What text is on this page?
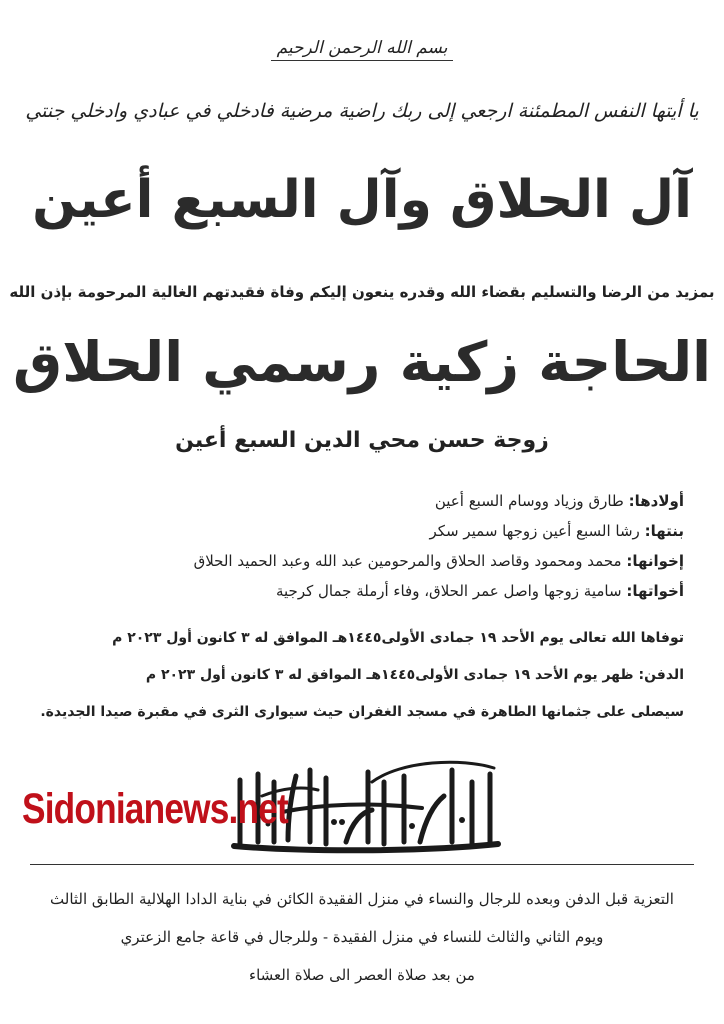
بسم الله الرحمن الرحيم
يا أيتها النفس المطمئنة ارجعي إلى ربك راضية مرضية فادخلي في عبادي وادخلي جنتي
آل الحلاق وآل السبع أعين
بمزيد من الرضا والتسليم بقضاء الله وقدره ينعون إليكم وفاة فقيدتهم الغالية المرحومة بإذن الله
الحاجة زكية رسمي الحلاق
زوجة حسن محي الدين السبع أعين
أولادها: طارق وزياد ووسام السبع أعين
بنتها: رشا السبع أعين زوجها سمير سكر
إخوانها: محمد ومحمود وقاصد الحلاق والمرحومين عبد الله وعبد الحميد الحلاق
أخواتها: سامية زوجها واصل عمر الحلاق، وفاء أرملة جمال كرجية
توفاها الله تعالى يوم الأحد ١٩ جمادى الأولى١٤٤٥هـ الموافق له ٣ كانون أول ٢٠٢٣ م
الدفن: ظهر يوم الأحد ١٩ جمادى الأولى١٤٤٥هـ الموافق له ٣ كانون أول ٢٠٢٣ م
سيصلى على جثمانها الطاهرة في مسجد الغفران حيث سيوارى الثرى في مقبرة صيدا الجديدة.
Sidonianews.net
التعزية قبل الدفن وبعده للرجال والنساء في منزل الفقيدة الكائن في بناية الدادا الهلالية الطابق الثالث
ويوم الثاني والثالث للنساء في منزل الفقيدة - وللرجال في قاعة جامع الزعتري
من بعد صلاة العصر الى صلاة العشاء
